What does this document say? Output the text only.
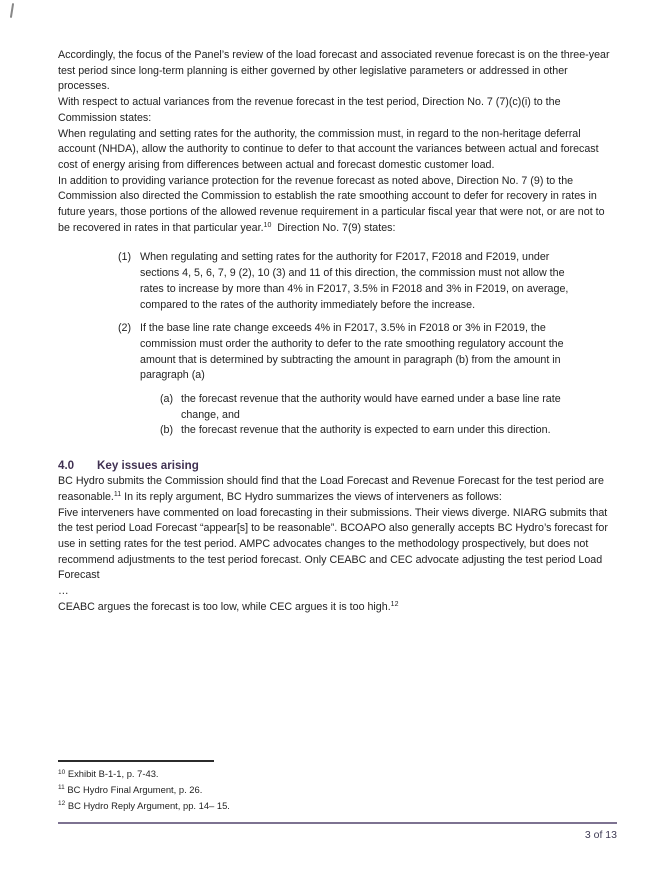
Accordingly, the focus of the Panel’s review of the load forecast and associated revenue forecast is on the three-year test period since long-term planning is either governed by other legislative parameters or addressed in other processes.

With respect to actual variances from the revenue forecast in the test period, Direction No. 7 (7)(c)(i) to the Commission states:

When regulating and setting rates for the authority, the commission must, in regard to the non-heritage deferral account (NHDA), allow the authority to continue to defer to that account the variances between actual and forecast cost of energy arising from differences between actual and forecast domestic customer load.

In addition to providing variance protection for the revenue forecast as noted above, Direction No. 7 (9) to the Commission also directed the Commission to establish the rate smoothing account to defer for recovery in rates in future years, those portions of the allowed revenue requirement in a particular fiscal year that were not, or are not to be recovered in rates in that particular year.$^{10}$  Direction No. 7(9) states:

(1) When regulating and setting rates for the authority for F2017, F2018 and F2019, under sections 4, 5, 6, 7, 9 (2), 10 (3) and 11 of this direction, the commission must not allow the rates to increase by more than 4% in F2017, 3.5% in F2018 and 3% in F2019, on average, compared to the rates of the authority immediately before the increase.
(2) If the base line rate change exceeds 4% in F2017, 3.5% in F2018 or 3% in F2019, the commission must order the authority to defer to the rate smoothing regulatory account the amount that is determined by subtracting the amount in paragraph (b) from the amount in paragraph (a)
(a) the forecast revenue that the authority would have earned under a base line rate change, and
(b) the forecast revenue that the authority is expected to earn under this direction.
4.0	Key issues arising

BC Hydro submits the Commission should find that the Load Forecast and Revenue Forecast for the test period are reasonable.$^{11}$ In its reply argument, BC Hydro summarizes the views of interveners as follows:

Five interveners have commented on load forecasting in their submissions. Their views diverge. NIARG submits that the test period Load Forecast “appear[s] to be reasonable”. BCOAPO also generally accepts BC Hydro’s forecast for use in setting rates for the test period. AMPC advocates changes to the methodology prospectively, but does not recommend adjustments to the test period forecast. Only CEABC and CEC advocate adjusting the test period Load Forecast
…
CEABC argues the forecast is too low, while CEC argues it is too high.$^{12}$
$^{10}$ Exhibit B-1-1, p. 7-43.
$^{11}$ BC Hydro Final Argument, p. 26.
$^{12}$ BC Hydro Reply Argument, pp. 14– 15.
3 of 13
